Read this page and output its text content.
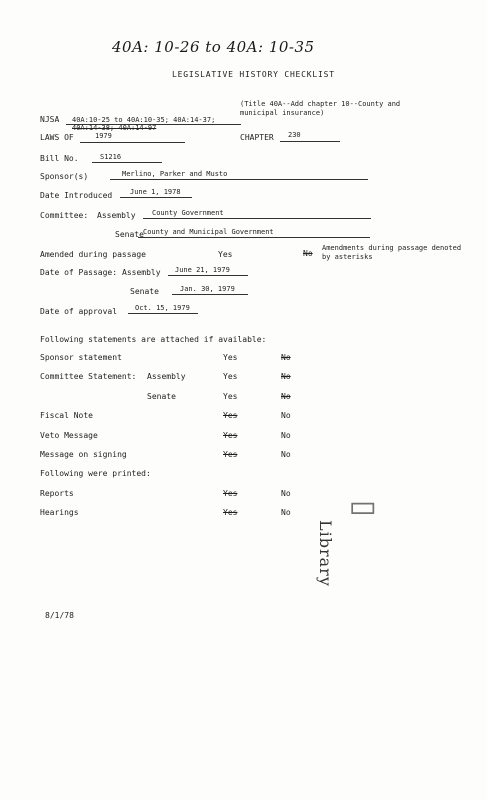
40A: 10-26 to 40A: 10-35
LEGISLATIVE HISTORY CHECKLIST
(Title 40A--Add chapter 10--County and municipal insurance)
NJSA 40A:10-25 to 40A:10-35; 40A:14-37;
40A:14-38; 40A:14-97
LAWS OF	1979	CHAPTER 230
Bill No.	S1216
Sponsor(s)	Merlino, Parker and Musto
Date Introduced	June 1, 1978
Committee: Assembly County Government
Senate County and Municipal Government
Amended during passage	Yes	No
Amendments during passage denoted by asterisks
Date of Passage: Assembly June 21, 1979
Senate	Jan. 30, 1979
Date of approval	Oct. 15, 1979
Following statements are attached if available:
Sponsor statement	Yes	No
Committee Statement: Assembly	Yes	No
Senate	Yes	No
Fiscal Note	Yes	No
Veto Message	Yes	No
Message on signing	Yes	No
Following were printed:
Reports	Yes	No
Hearings	Yes	No
Library
▯
8/1/78
